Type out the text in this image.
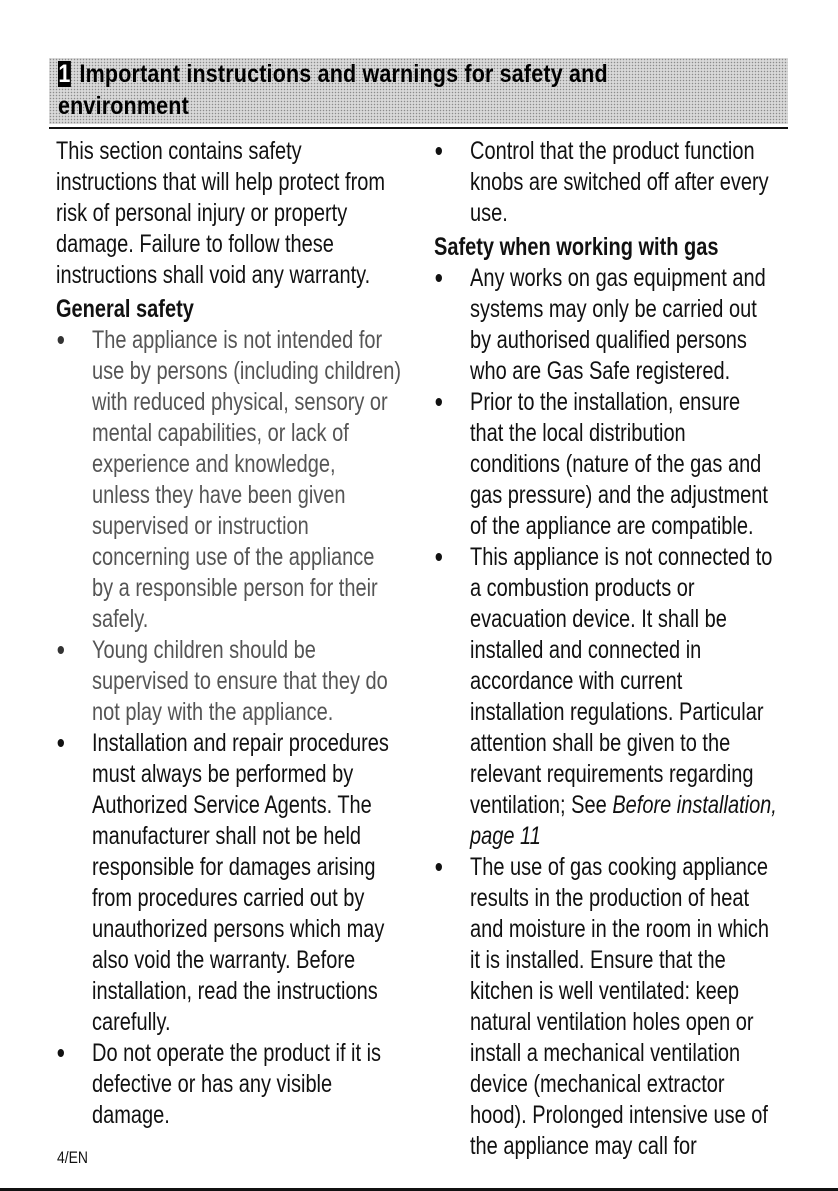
1 Important instructions and warnings for safety and
environment

This section contains safety
instructions that will help protect from
risk of personal injury or property
damage. Failure to follow these
instructions shall void any warranty.

General safety
The appliance is not intended for
use by persons (including children)
with reduced physical, sensory or
mental capabilities, or lack of
experience and knowledge,
unless they have been given
supervised or instruction
concerning use of the appliance
by a responsible person for their
safely.
Young children should be
supervised to ensure that they do
not play with the appliance.
Installation and repair procedures
must always be performed by
Authorized Service Agents. The
manufacturer shall not be held
responsible for damages arising
from procedures carried out by
unauthorized persons which may
also void the warranty. Before
installation, read the instructions
carefully.
Do not operate the product if it is
defective or has any visible
damage.
Control that the product function
knobs are switched off after every
use.
Safety when working with gas
Any works on gas equipment and
systems may only be carried out
by authorised qualified persons
who are Gas Safe registered.
Prior to the installation, ensure
that the local distribution
conditions (nature of the gas and
gas pressure) and the adjustment
of the appliance are compatible.
This appliance is not connected to
a combustion products or
evacuation device. It shall be
installed and connected in
accordance with current
installation regulations. Particular
attention shall be given to the
relevant requirements regarding
ventilation; See Before installation,
page 11
The use of gas cooking appliance
results in the production of heat
and moisture in the room in which
it is installed. Ensure that the
kitchen is well ventilated: keep
natural ventilation holes open or
install a mechanical ventilation
device (mechanical extractor
hood). Prolonged intensive use of
the appliance may call for
4/EN
